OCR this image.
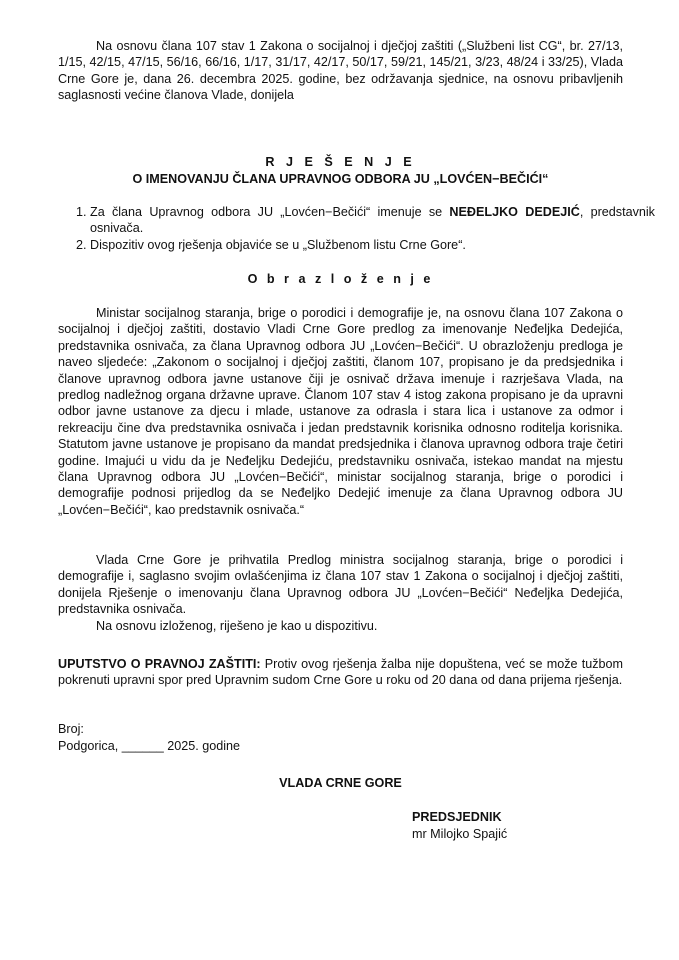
Na osnovu člana 107 stav 1 Zakona o socijalnoj i dječjoj zaštiti („Službeni list CG“, br. 27/13, 1/15, 42/15, 47/15, 56/16, 66/16, 1/17, 31/17, 42/17, 50/17, 59/21, 145/21, 3/23, 48/24 i 33/25), Vlada Crne Gore je, dana 26. decembra 2025. godine, bez održavanja sjednice, na osnovu pribavljenih saglasnosti većine članova Vlade, donijela

R J E Š E N J E

O IMENOVANJU ČLANA UPRAVNOG ODBORA JU „LOVĆEN−BEČIĆI“

1. Za člana Upravnog odbora JU „Lovćen−Bečići“ imenuje se NEĐELJKO DEDEJIĆ, predstavnik osnivača.
2. Dispozitiv ovog rješenja objaviće se u „Službenom listu Crne Gore“.

O b r a z l o ž e n j e

Ministar socijalnog staranja, brige o porodici i demografije je, na osnovu člana 107 Zakona o socijalnoj i dječjoj zaštiti, dostavio Vladi Crne Gore predlog za imenovanje Neđeljka Dedejića, predstavnika osnivača, za člana Upravnog odbora JU „Lovćen−Bečići“. U obrazloženju predloga je naveo sljedeće: „Zakonom o socijalnoj i dječjoj zaštiti, članom 107, propisano je da predsjednika i članove upravnog odbora javne ustanove čiji je osnivač država imenuje i razrješava Vlada, na predlog nadležnog organa državne uprave. Članom 107 stav 4 istog zakona propisano je da upravni odbor javne ustanove za djecu i mlade, ustanove za odrasla i stara lica i ustanove za odmor i rekreaciju čine dva predstavnika osnivača i jedan predstavnik korisnika odnosno roditelja korisnika. Statutom javne ustanove je propisano da mandat predsjednika i članova upravnog odbora traje četiri godine. Imajući u vidu da je Neđeljku Dedejiću, predstavniku osnivača, istekao mandat na mjestu člana Upravnog odbora JU „Lovćen−Bečići“, ministar socijalnog staranja, brige o porodici i demografije podnosi prijedlog da se Neđeljko Dedejić imenuje za člana Upravnog odbora JU „Lovćen−Bečići“, kao predstavnik osnivača.“

Vlada Crne Gore je prihvatila Predlog ministra socijalnog staranja, brige o porodici i demografije i, saglasno svojim ovlašćenjima iz člana 107 stav 1 Zakona o socijalnoj i dječjoj zaštiti, donijela Rješenje o imenovanju člana Upravnog odbora JU „Lovćen−Bečići“ Neđeljka Dedejića, predstavnika osnivača.

Na osnovu izloženog, riješeno je kao u dispozitivu.

UPUTSTVO O PRAVNOJ ZAŠTITI: Protiv ovog rješenja žalba nije dopuštena, već se može tužbom pokrenuti upravni spor pred Upravnim sudom Crne Gore u roku od 20 dana od dana prijema rješenja.

Broj:

Podgorica, ______ 2025. godine

VLADA CRNE GORE

PREDSJEDNIK

mr Milojko Spajić
